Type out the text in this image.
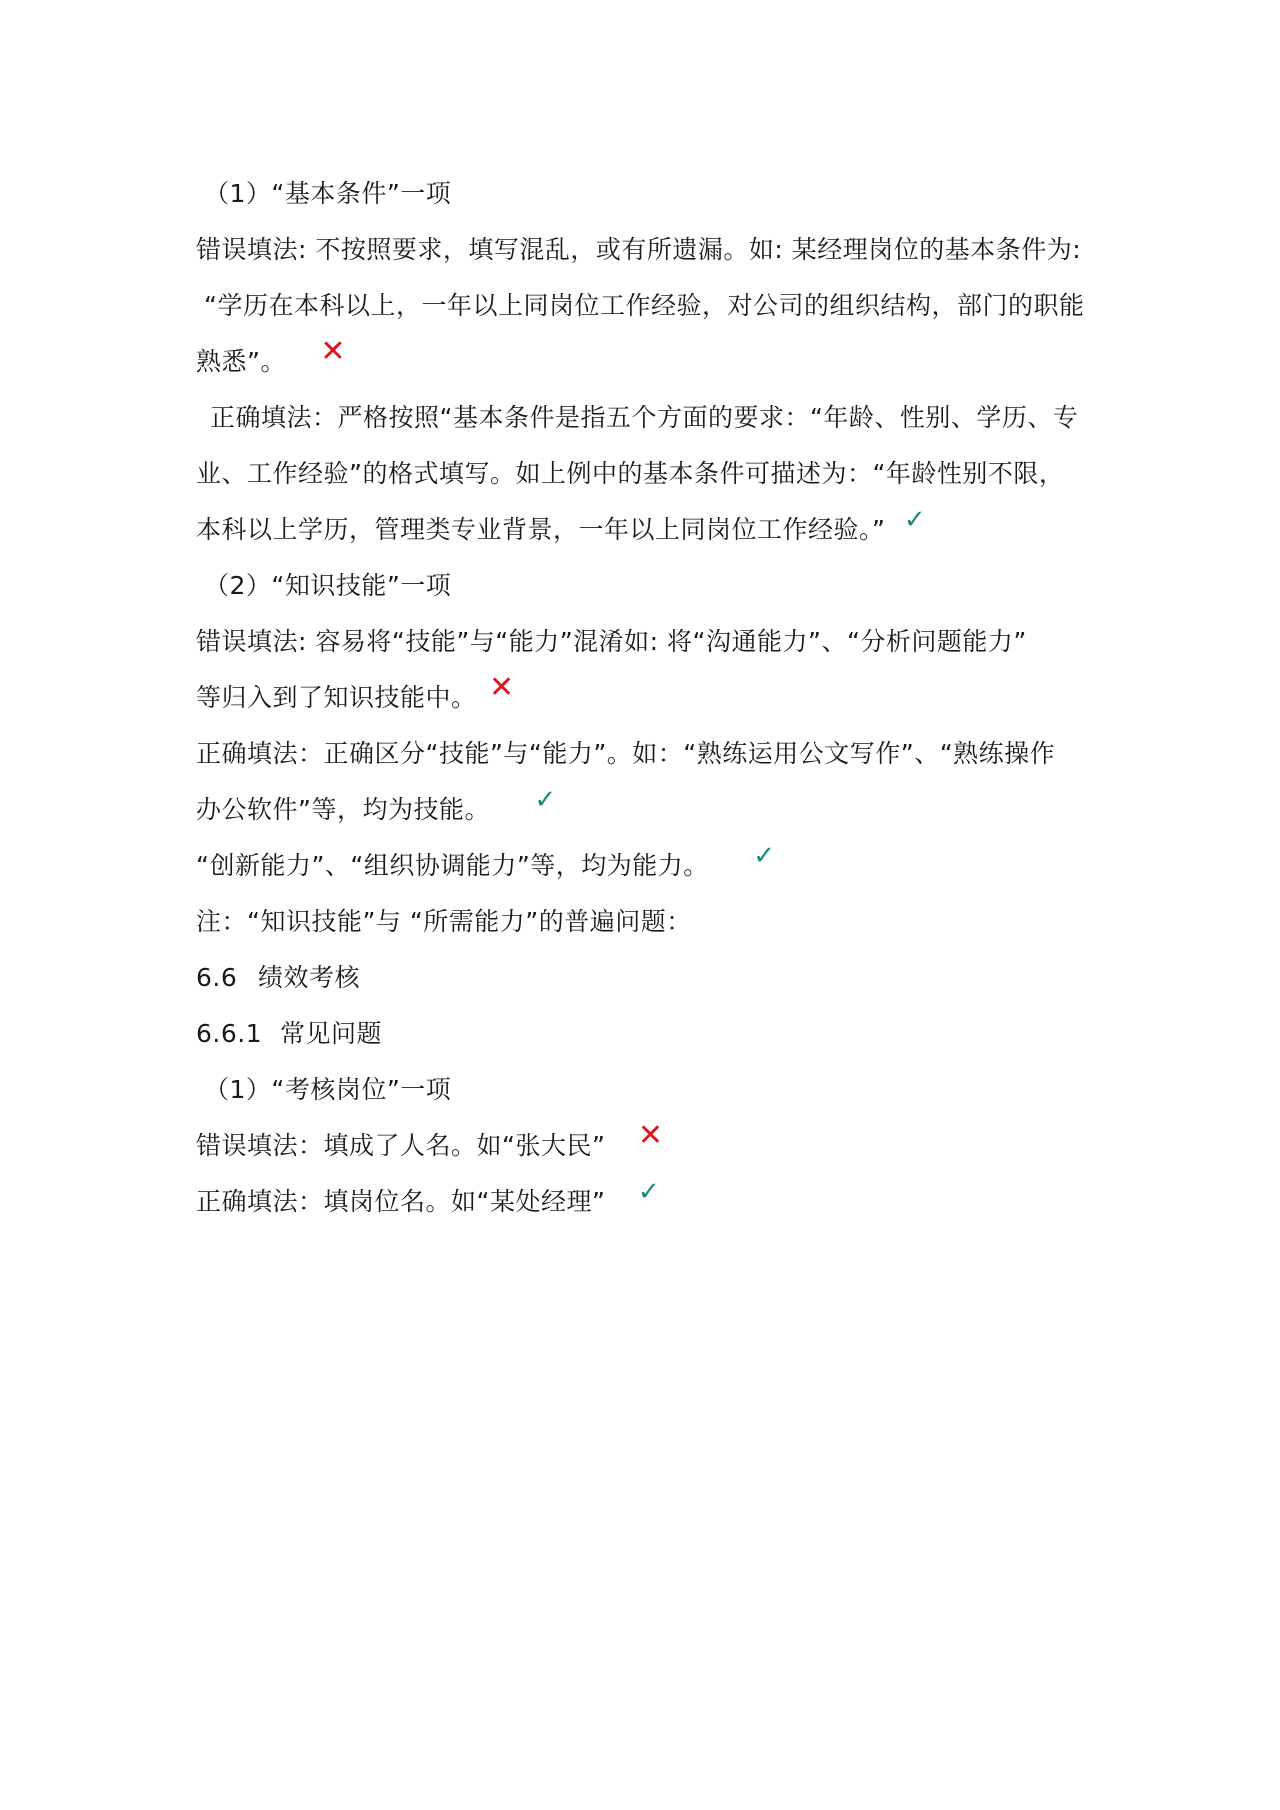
（1）“基本条件”一项
错误填法: 不按照要求，填写混乱，或有所遗漏。如: 某经理岗位的基本条件为:
“学历在本科以上，一年以上同岗位工作经验，对公司的组织结构，部门的职能
熟悉”。 ✕
正确填法：严格按照“基本条件是指五个方面的要求：“年龄、性别、学历、专
业、工作经验”的格式填写。如上例中的基本条件可描述为：“年龄性别不限，
本科以上学历，管理类专业背景，一年以上同岗位工作经验。” ✓
（2）“知识技能”一项
错误填法: 容易将“技能”与“能力”混淆如: 将“沟通能力”、“分析问题能力”
等归入到了知识技能中。 ✕
正确填法：正确区分“技能”与“能力”。如：“熟练运用公文写作”、“熟练操作
办公软件”等，均为技能。 ✓
“创新能力”、“组织协调能力”等，均为能力。 ✓
注：“知识技能”与 “所需能力”的普遍问题：
6.6 绩效考核
6.6.1 常见问题
（1）“考核岗位”一项
错误填法：填成了人名。如“张大民” ✕
正确填法：填岗位名。如“某处经理” ✓
